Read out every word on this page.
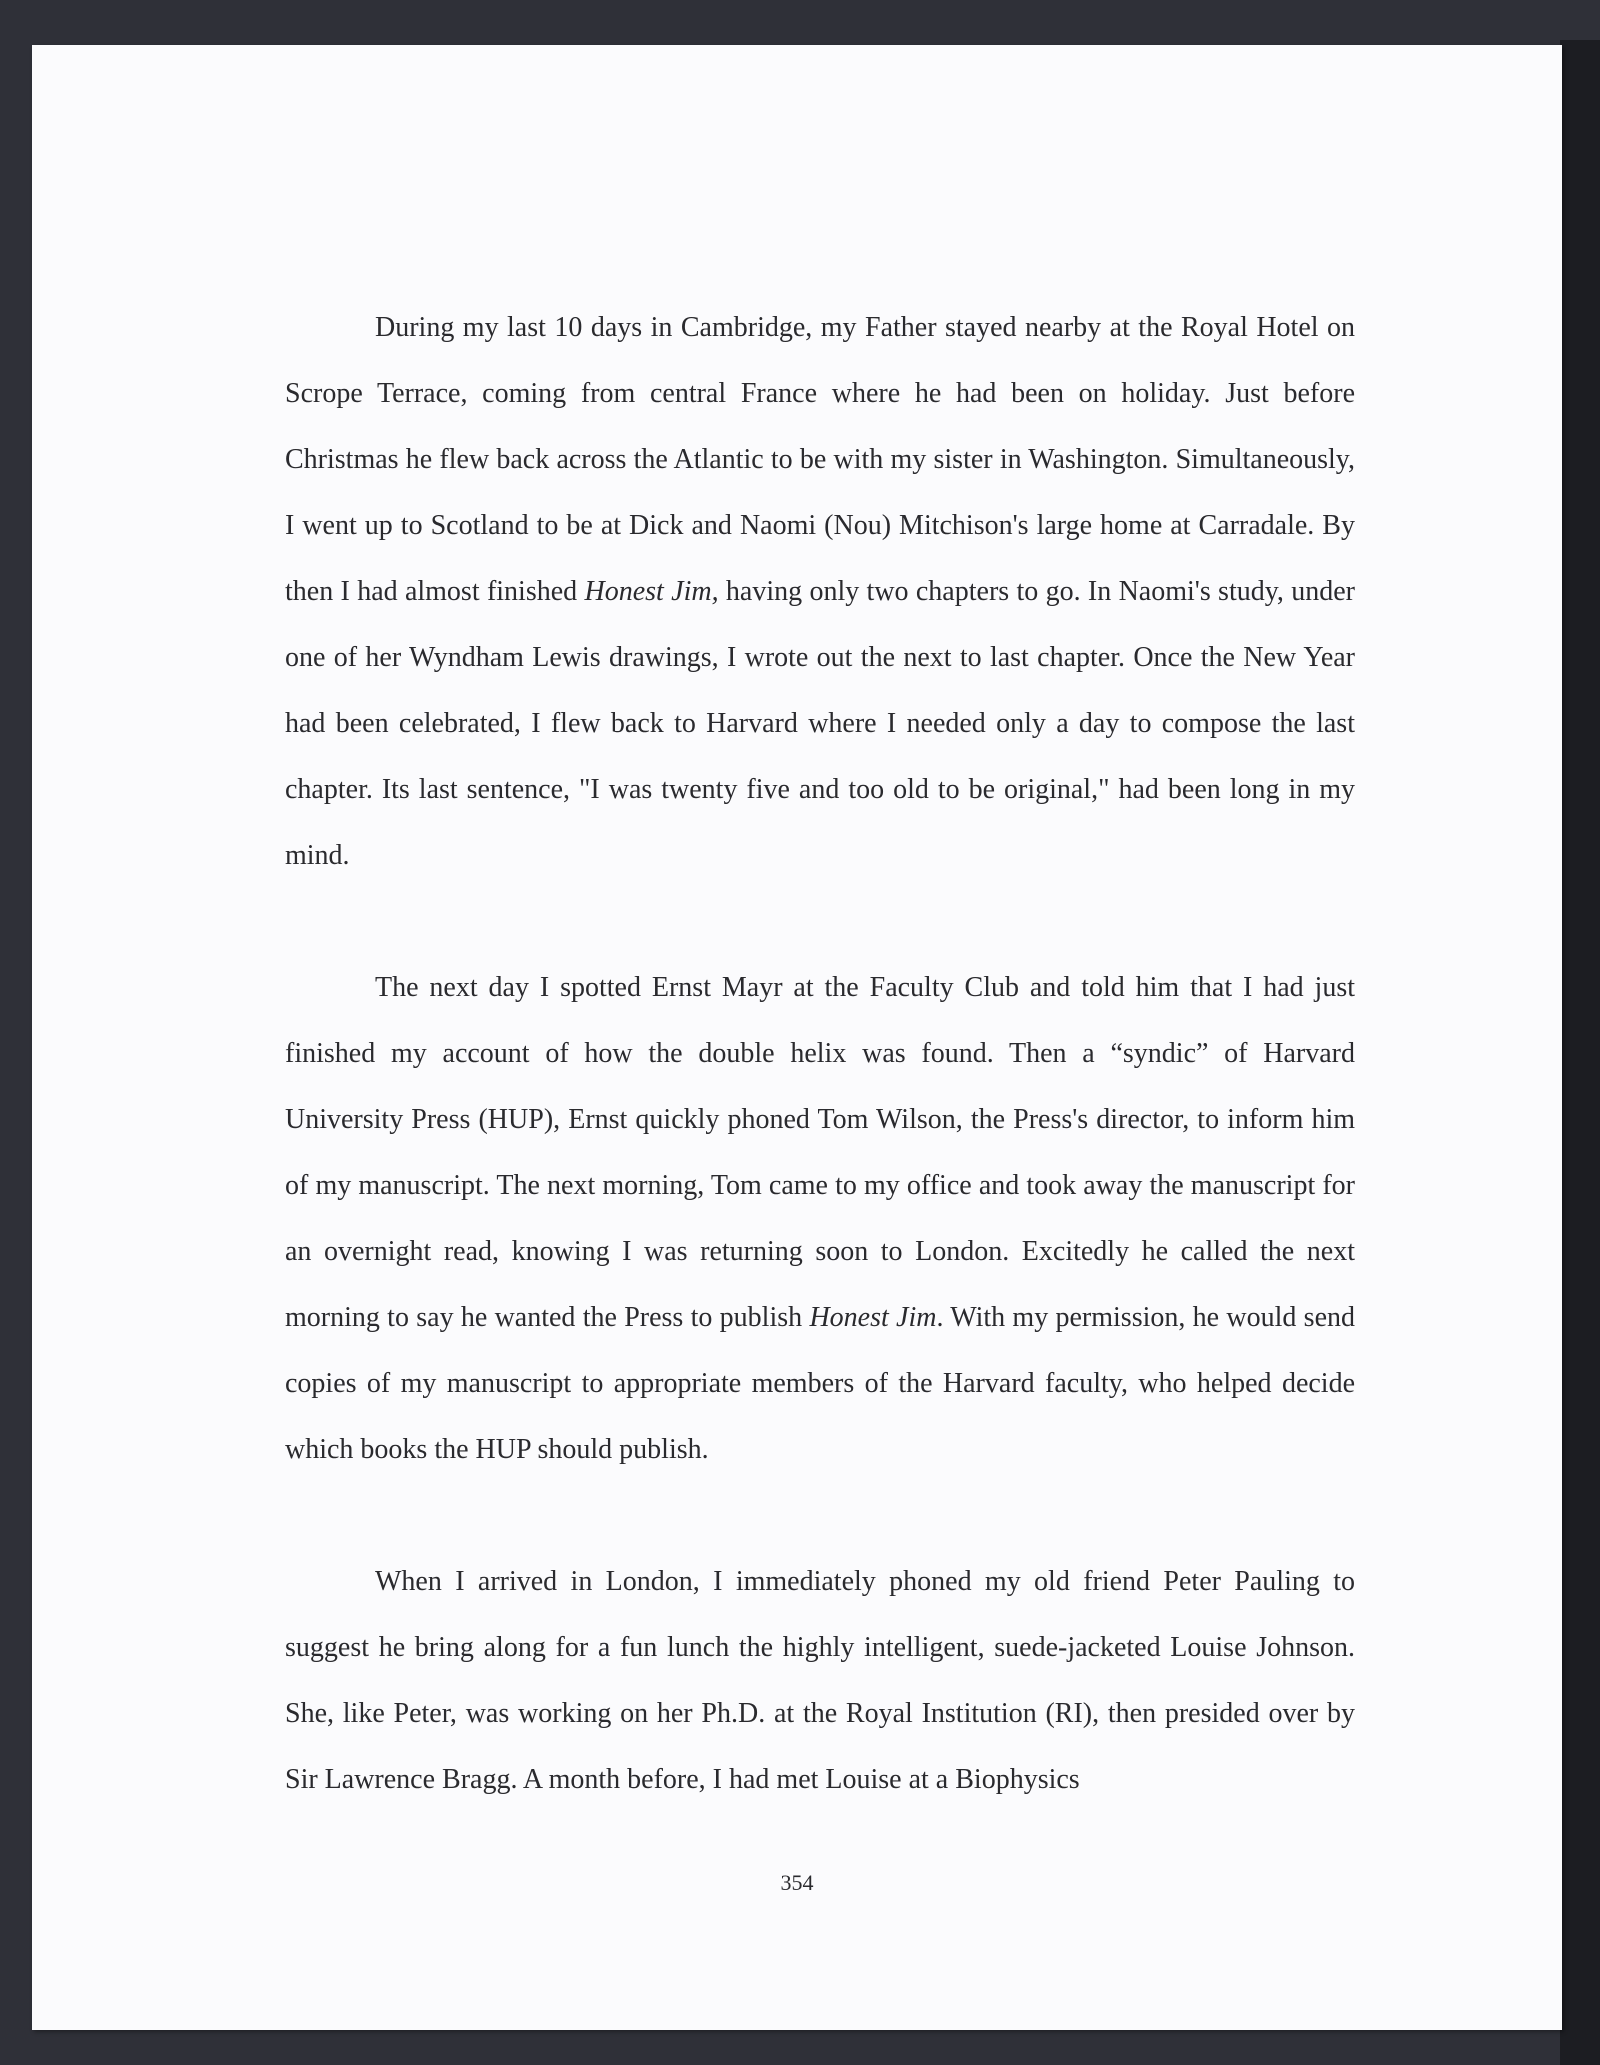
During my last 10 days in Cambridge, my Father stayed nearby at the Royal Hotel on Scrope Terrace, coming from central France where he had been on holiday. Just before Christmas he flew back across the Atlantic to be with my sister in Washington. Simultaneously, I went up to Scotland to be at Dick and Naomi (Nou) Mitchison's large home at Carradale. By then I had almost finished Honest Jim, having only two chapters to go. In Naomi's study, under one of her Wyndham Lewis drawings, I wrote out the next to last chapter. Once the New Year had been celebrated, I flew back to Harvard where I needed only a day to compose the last chapter. Its last sentence, "I was twenty five and too old to be original," had been long in my mind.

The next day I spotted Ernst Mayr at the Faculty Club and told him that I had just finished my account of how the double helix was found. Then a “syndic” of Harvard University Press (HUP), Ernst quickly phoned Tom Wilson, the Press's director, to inform him of my manuscript. The next morning, Tom came to my office and took away the manuscript for an overnight read, knowing I was returning soon to London. Excitedly he called the next morning to say he wanted the Press to publish Honest Jim. With my permission, he would send copies of my manuscript to appropriate members of the Harvard faculty, who helped decide which books the HUP should publish.

When I arrived in London, I immediately phoned my old friend Peter Pauling to suggest he bring along for a fun lunch the highly intelligent, suede-jacketed Louise Johnson. She, like Peter, was working on her Ph.D. at the Royal Institution (RI), then presided over by Sir Lawrence Bragg. A month before, I had met Louise at a Biophysics

354
